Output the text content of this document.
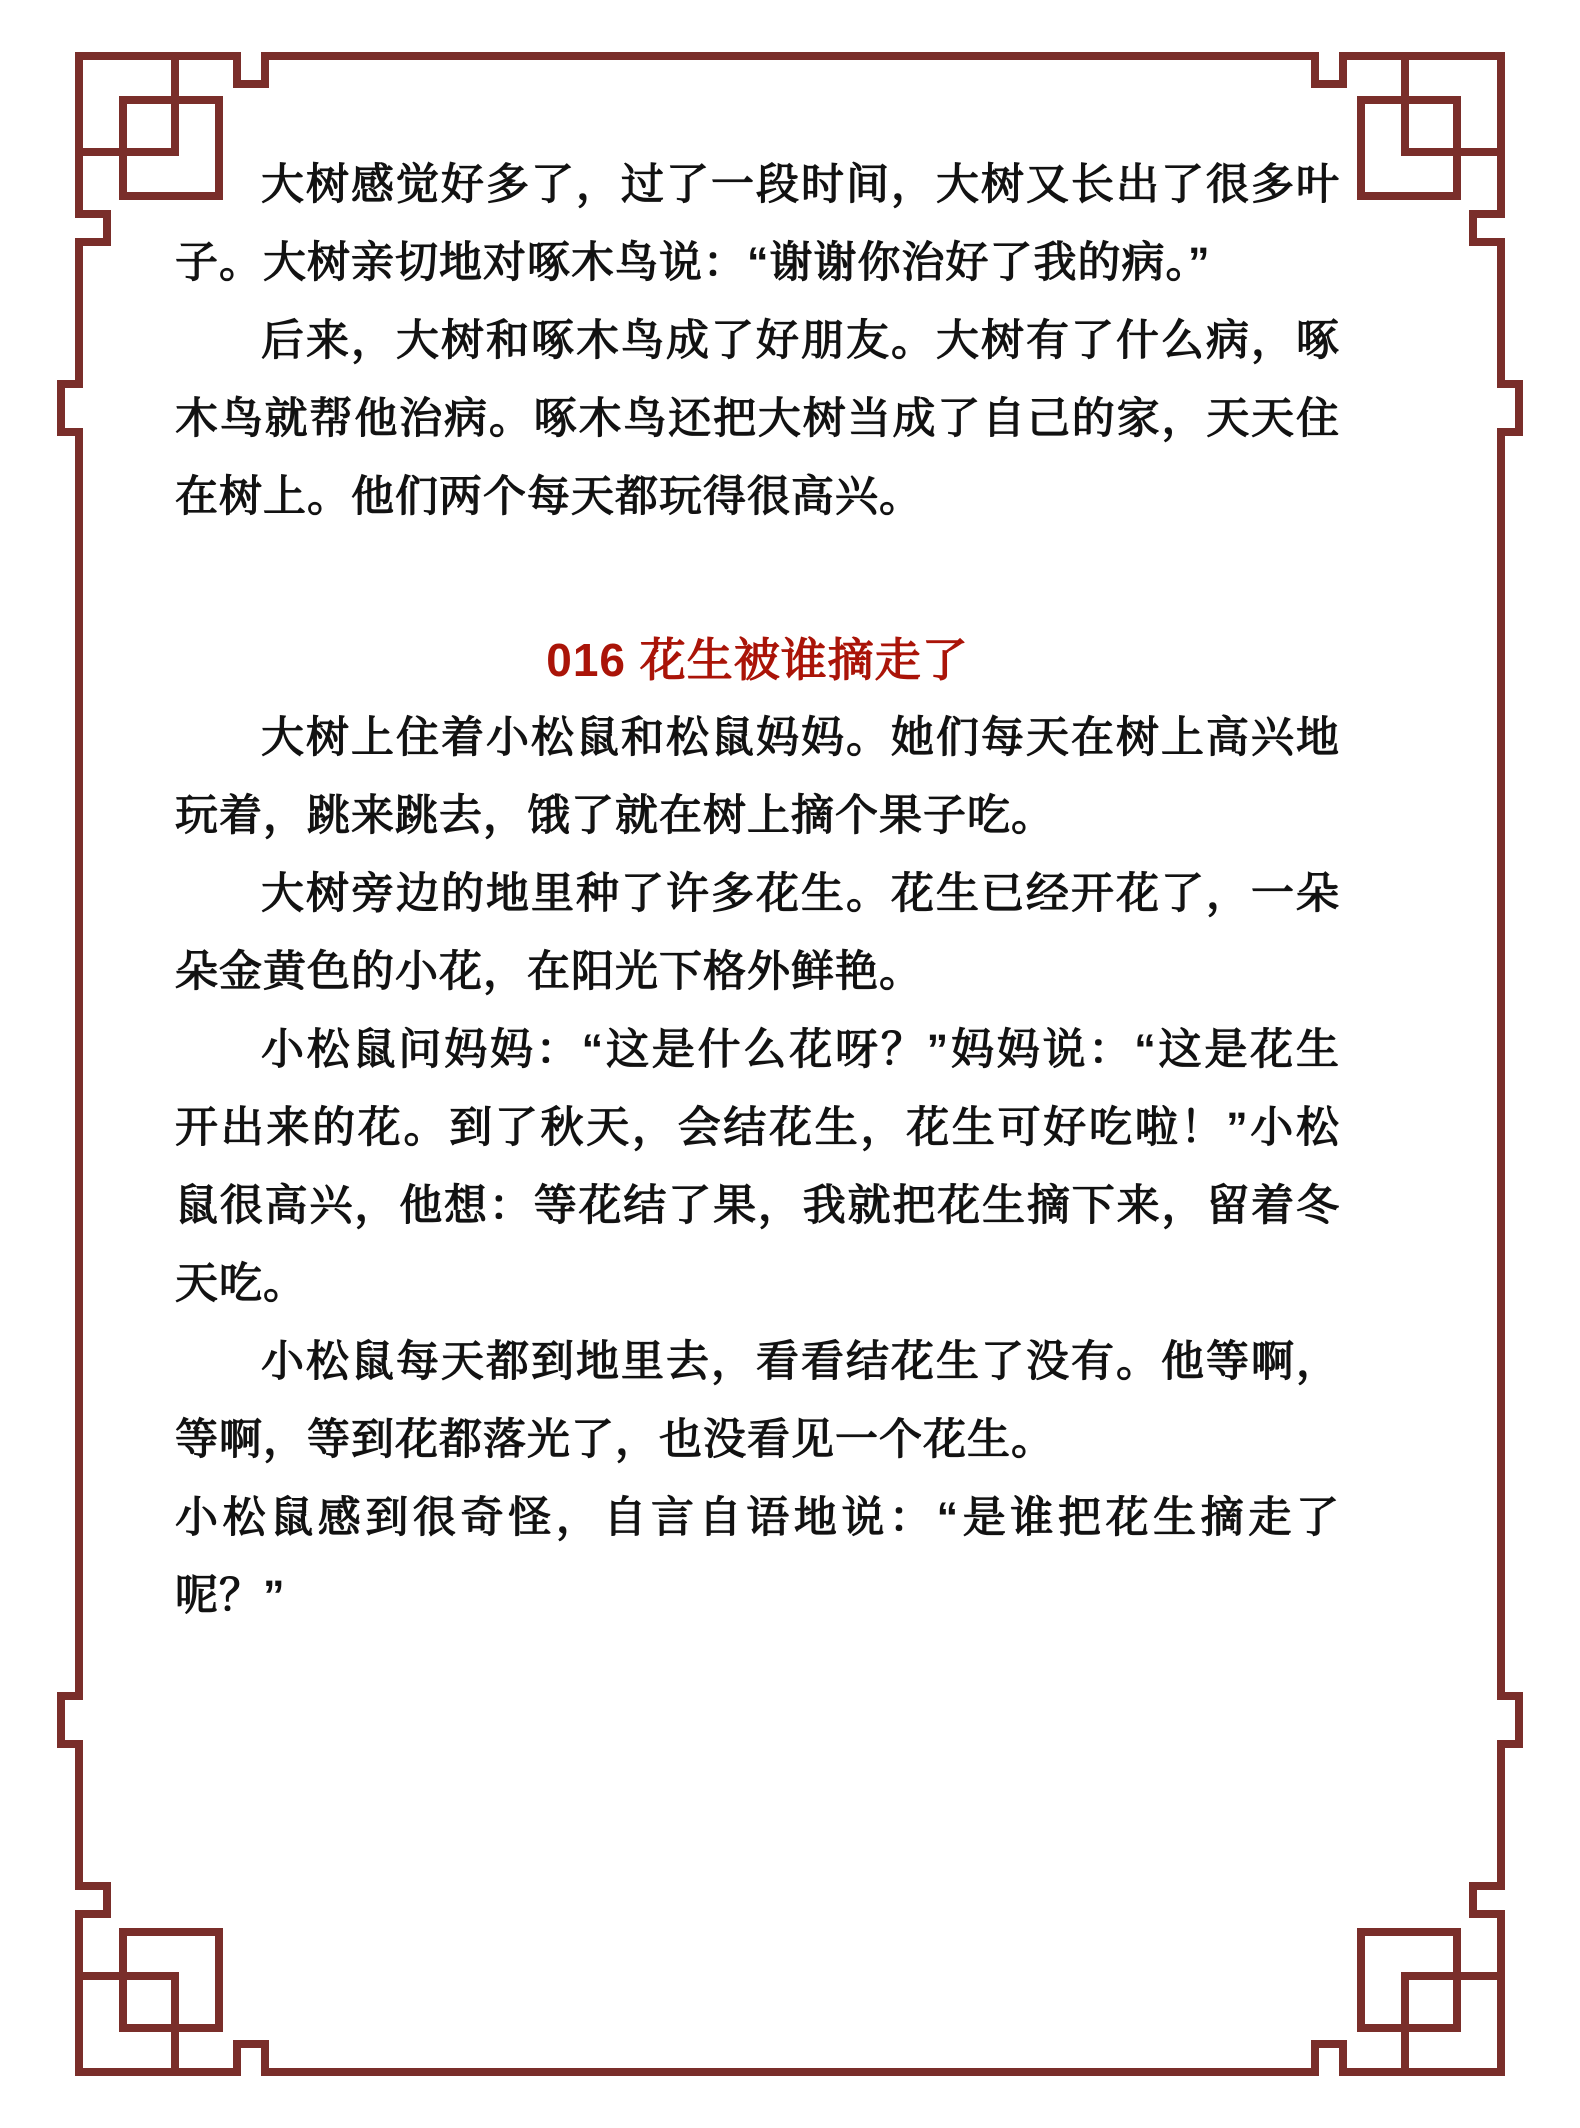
大树感觉好多了，过了一段时间，大树又长出了很多叶子。大树亲切地对啄木鸟说：“谢谢你治好了我的病。”

后来，大树和啄木鸟成了好朋友。大树有了什么病，啄木鸟就帮他治病。啄木鸟还把大树当成了自己的家，天天住在树上。他们两个每天都玩得很高兴。

016 花生被谁摘走了

大树上住着小松鼠和松鼠妈妈。她们每天在树上高兴地玩着，跳来跳去，饿了就在树上摘个果子吃。

大树旁边的地里种了许多花生。花生已经开花了，一朵朵金黄色的小花，在阳光下格外鲜艳。

小松鼠问妈妈：“这是什么花呀？”妈妈说：“这是花生开出来的花。到了秋天，会结花生，花生可好吃啦！”小松鼠很高兴，他想：等花结了果，我就把花生摘下来，留着冬天吃。

小松鼠每天都到地里去，看看结花生了没有。他等啊，等啊，等到花都落光了，也没看见一个花生。

小松鼠感到很奇怪，自言自语地说：“是谁把花生摘走了呢？”
